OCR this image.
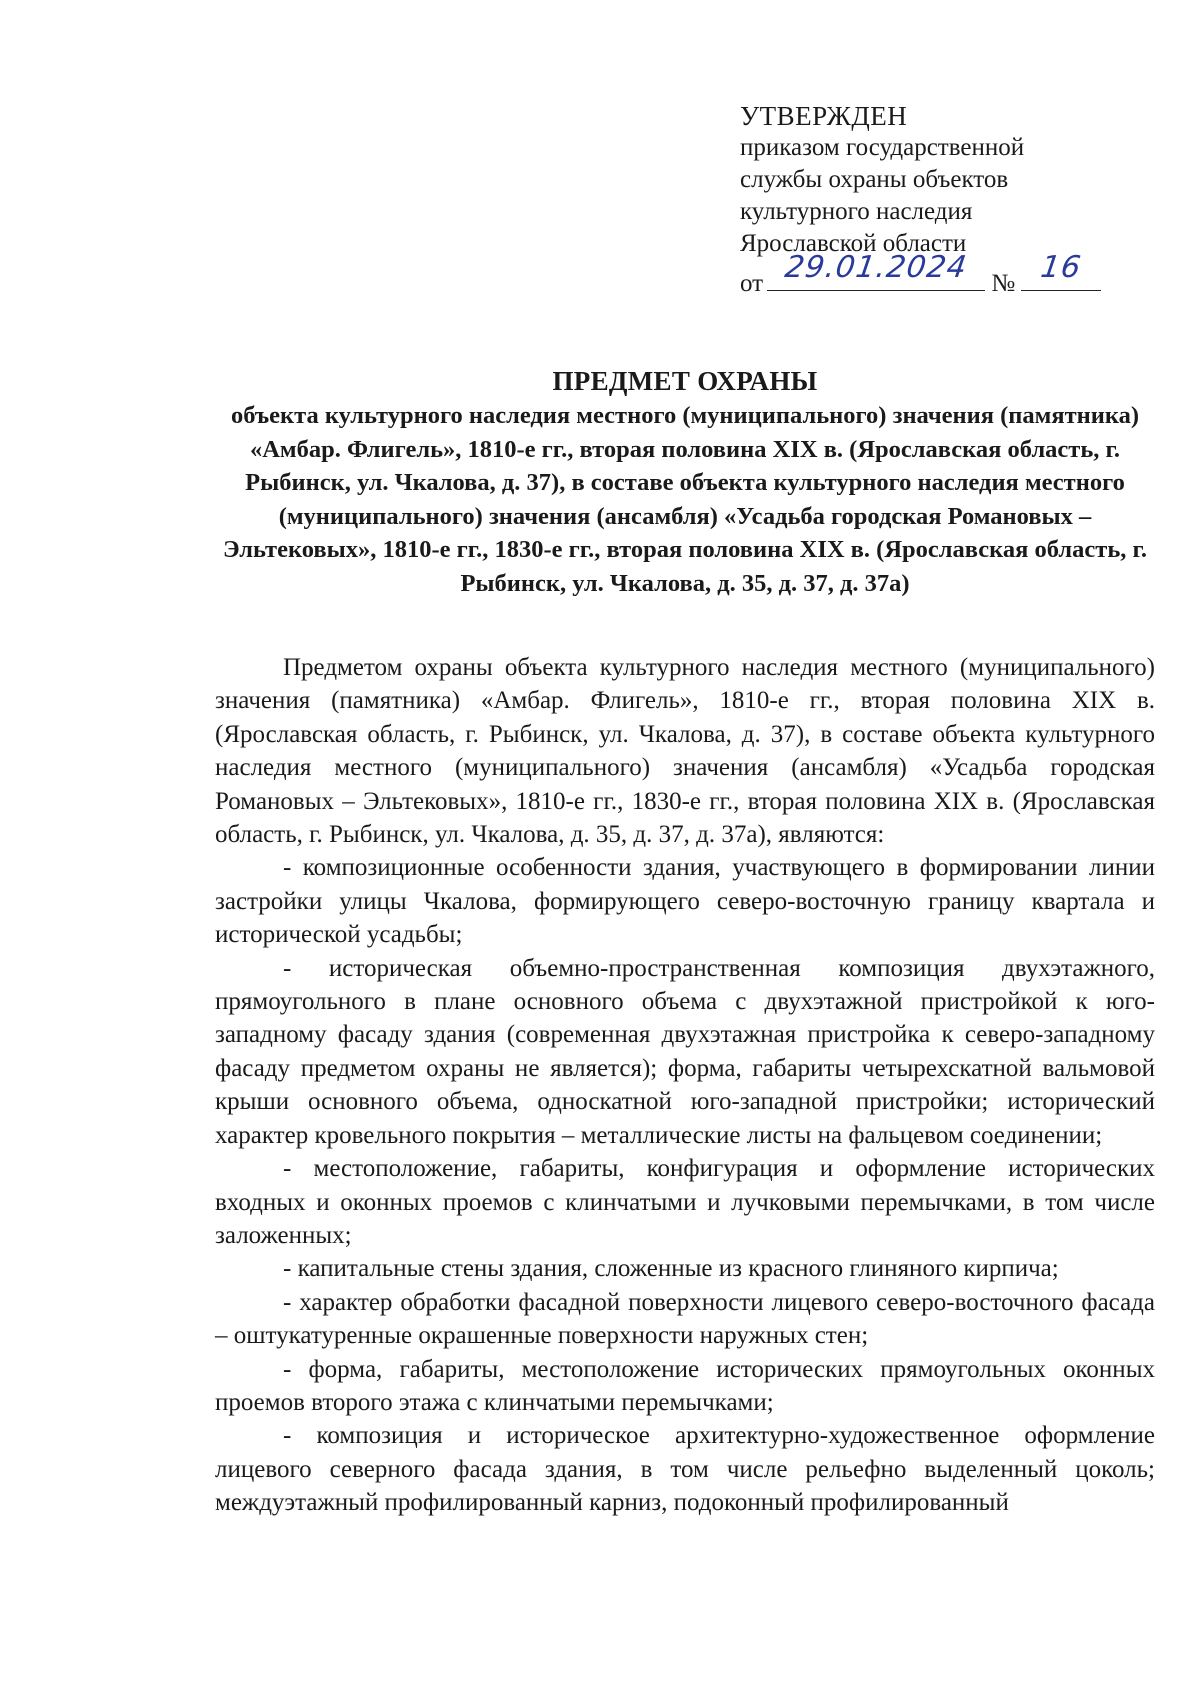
УТВЕРЖДЕН
приказом государственной
службы охраны объектов
культурного наследия
Ярославской области
от 29.01.2024 № 16
ПРЕДМЕТ ОХРАНЫ
объекта культурного наследия местного (муниципального) значения (памятника) «Амбар. Флигель», 1810-е гг., вторая половина XIX в. (Ярославская область, г. Рыбинск, ул. Чкалова, д. 37), в составе объекта культурного наследия местного (муниципального) значения (ансамбля) «Усадьба городская Романовых – Эльтековых», 1810-е гг., 1830-е гг., вторая половина XIX в. (Ярославская область, г. Рыбинск, ул. Чкалова, д. 35, д. 37, д. 37а)

Предметом охраны объекта культурного наследия местного (муниципального) значения (памятника) «Амбар. Флигель», 1810-е гг., вторая половина XIX в. (Ярославская область, г. Рыбинск, ул. Чкалова, д. 37), в составе объекта культурного наследия местного (муниципального) значения (ансамбля) «Усадьба городская Романовых – Эльтековых», 1810-е гг., 1830-е гг., вторая половина XIX в. (Ярославская область, г. Рыбинск, ул. Чкалова, д. 35, д. 37, д. 37а), являются:

- композиционные особенности здания, участвующего в формировании линии застройки улицы Чкалова, формирующего северо-восточную границу квартала и исторической усадьбы;

- историческая объемно-пространственная композиция двухэтажного, прямоугольного в плане основного объема с двухэтажной пристройкой к юго-западному фасаду здания (современная двухэтажная пристройка к северо-западному фасаду предметом охраны не является); форма, габариты четырехскатной вальмовой крыши основного объема, односкатной юго-западной пристройки; исторический характер кровельного покрытия – металлические листы на фальцевом соединении;

- местоположение, габариты, конфигурация и оформление исторических входных и оконных проемов с клинчатыми и лучковыми перемычками, в том числе заложенных;

- капитальные стены здания, сложенные из красного глиняного кирпича;

- характер обработки фасадной поверхности лицевого северо-восточного фасада – оштукатуренные окрашенные поверхности наружных стен;

- форма, габариты, местоположение исторических прямоугольных оконных проемов второго этажа с клинчатыми перемычками;

- композиция и историческое архитектурно-художественное оформление лицевого северного фасада здания, в том числе рельефно выделенный цоколь; междуэтажный профилированный карниз, подоконный профилированный
